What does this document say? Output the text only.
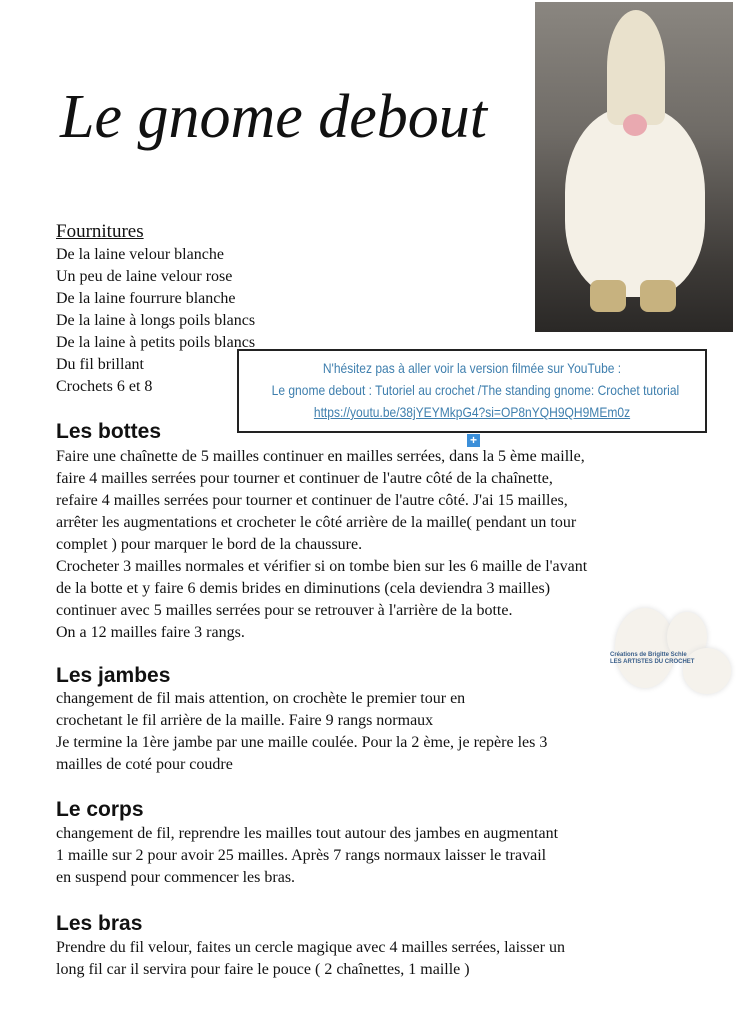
Le gnome debout
Fournitures
De la laine velour blanche
Un peu de laine velour rose
De la laine fourrure blanche
De la laine à longs poils blancs
De la laine à petits poils blancs
Du fil brillant
Crochets 6 et 8
N'hésitez pas à aller voir la version filmée sur YouTube :
Le gnome debout : Tutoriel au crochet /The standing gnome: Crochet tutorial
https://youtu.be/38jYEYMkpG4?si=OP8nYQH9QH9MEm0z
+
Les bottes

Faire une chaînette de 5 mailles continuer en mailles serrées, dans la 5 ème maille,

faire 4 mailles serrées pour tourner et continuer de l'autre côté de la chaînette,

refaire 4 mailles serrées pour tourner et continuer de l'autre côté. J'ai 15 mailles,

arrêter les augmentations et crocheter le côté arrière de la maille( pendant un tour

complet ) pour marquer le bord de la chaussure.

Crocheter 3 mailles normales et vérifier si on tombe bien sur les 6 maille de l'avant

de la botte et y faire 6 demis brides en diminutions (cela deviendra 3 mailles)

continuer avec 5 mailles serrées pour se retrouver à l'arrière de la botte.

On a 12 mailles faire 3 rangs.

Créations de Brigitte Schle
LES ARTISTES DU CROCHET
Les jambes

changement de fil mais attention, on crochète le premier tour en

crochetant le fil arrière de la maille. Faire 9 rangs normaux

Je termine la 1ère jambe par une maille coulée. Pour la 2 ème, je repère les 3

mailles de coté pour coudre

Le corps

changement de fil, reprendre les mailles tout autour des jambes en augmentant

1 maille sur 2 pour avoir 25 mailles. Après 7 rangs normaux laisser le travail

en suspend pour commencer les bras.

Les bras

Prendre du fil velour, faites un cercle magique avec 4 mailles serrées, laisser un

long fil car il servira pour faire le pouce ( 2 chaînettes, 1 maille )
